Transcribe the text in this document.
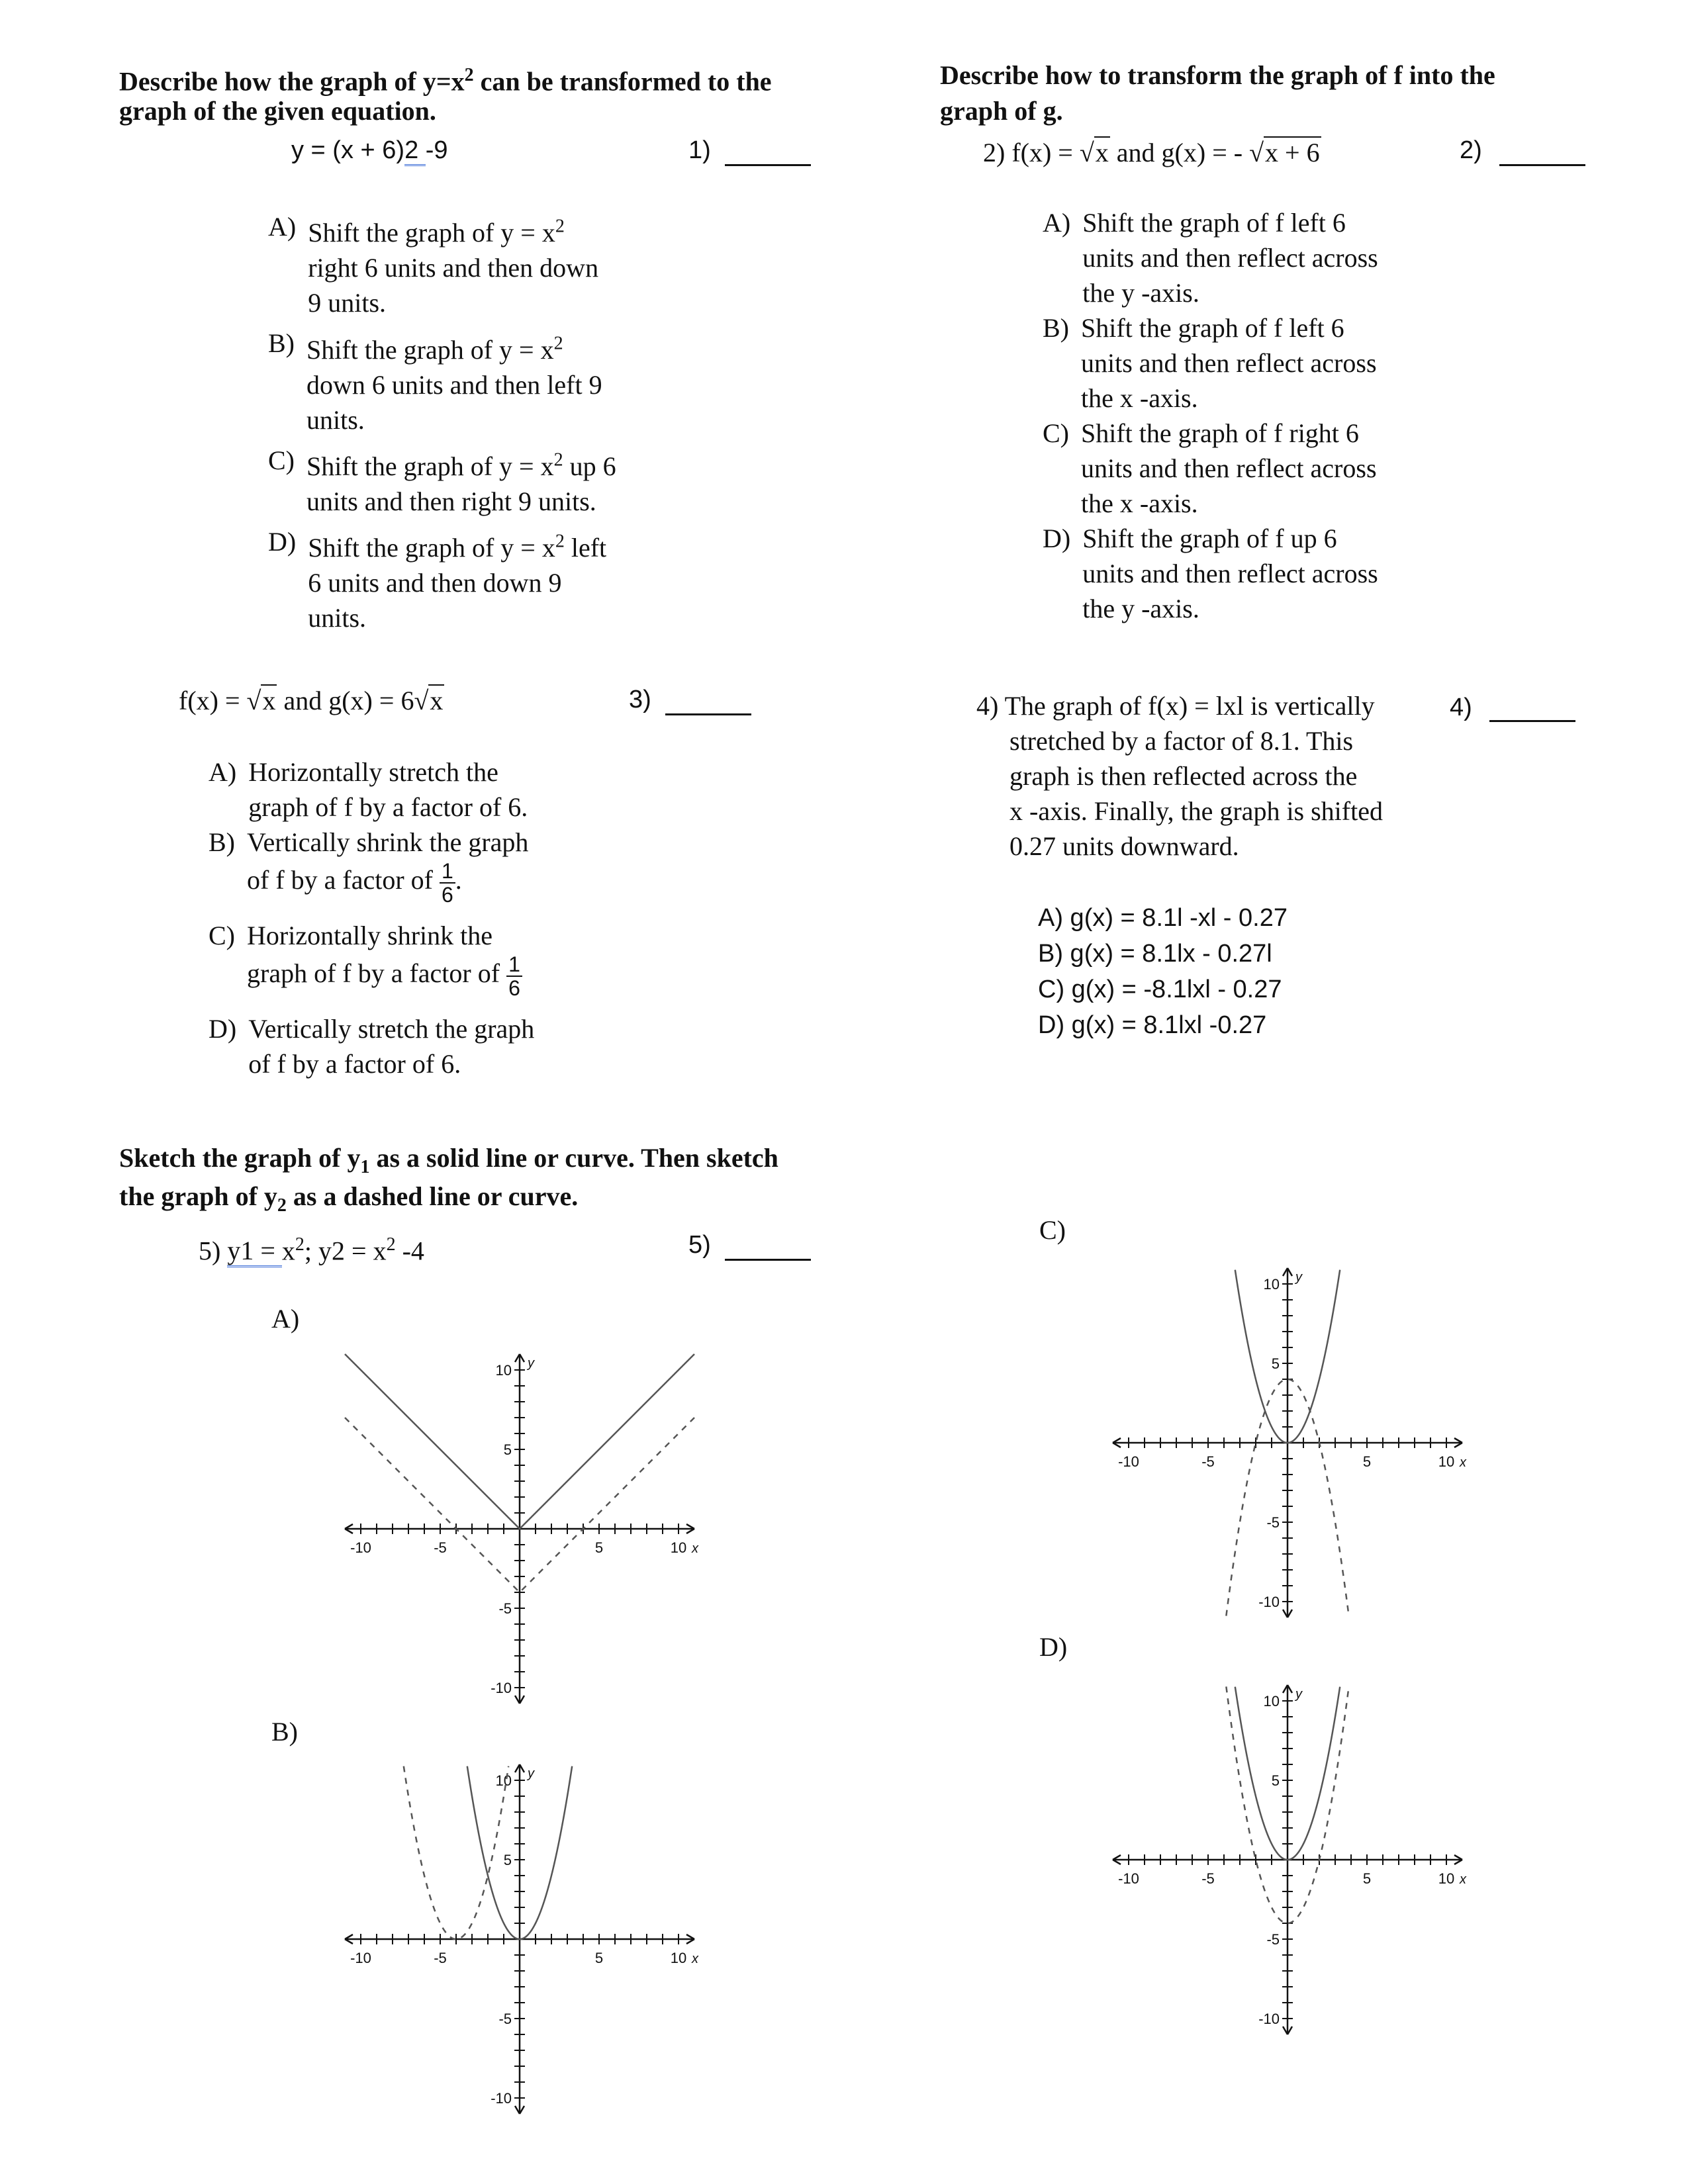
Describe how the graph of $y=x^2$ can be transformed to the
graph of the given equation.
y = (x + 6)2 -9	1)
A) Shift the graph of $y = x^2$
right 6 units and then down
9 units.
B) Shift the graph of $y = x^2$
down 6 units and then left 9
units.
C) Shift the graph of $y = x^2$ up 6
units and then right 9 units.
D) Shift the graph of $y = x^2$ left
6 units and then down 9
units.
Describe how to transform the graph of f into the
graph of g.
2) f(x) = √x and g(x) = - √x + 6	2)
A) Shift the graph of f left 6
units and then reflect across
the y -axis.
B) Shift the graph of f left 6
units and then reflect across
the x -axis.
C) Shift the graph of f right 6
units and then reflect across
the x -axis.
D) Shift the graph of f up 6
units and then reflect across
the y -axis.
f(x) = √x and g(x) = 6√x	3)
A) Horizontally stretch the
graph of f by a factor of 6.
B) Vertically shrink the graph
of f by a factor of $\frac{1}{6}$ .
C) Horizontally shrink the
graph of f by a factor of $\frac{1}{6}$
D) Vertically stretch the graph
of f by a factor of 6.
4) The graph of f(x) = lxl is vertically
stretched by a factor of 8.1. This
graph is then reflected across the
x -axis. Finally, the graph is shifted
0.27 units downward.
4)
A) g(x) = 8.1l -xl - 0.27
B) g(x) = 8.1lx - 0.27l
C) g(x) = -8.1lxl - 0.27
D) g(x) = 8.1lxl -0.27
Sketch the graph of $y_1$ as a solid line or curve. Then sketch
the graph of $y_2$ as a dashed line or curve.
5) $y1 = x^2$; $y2 = x^2$ -4	5)
A)
B)
C)
D)
-10	-5	5	10
10
5
-5
-10
x
y
-10	-5	5	10
10
5
-5
-10
x
y
-10	-5	5	10
10
5
-5
-10
x
y
-10	-5	5	10
10
5
-5
-10
x
y
